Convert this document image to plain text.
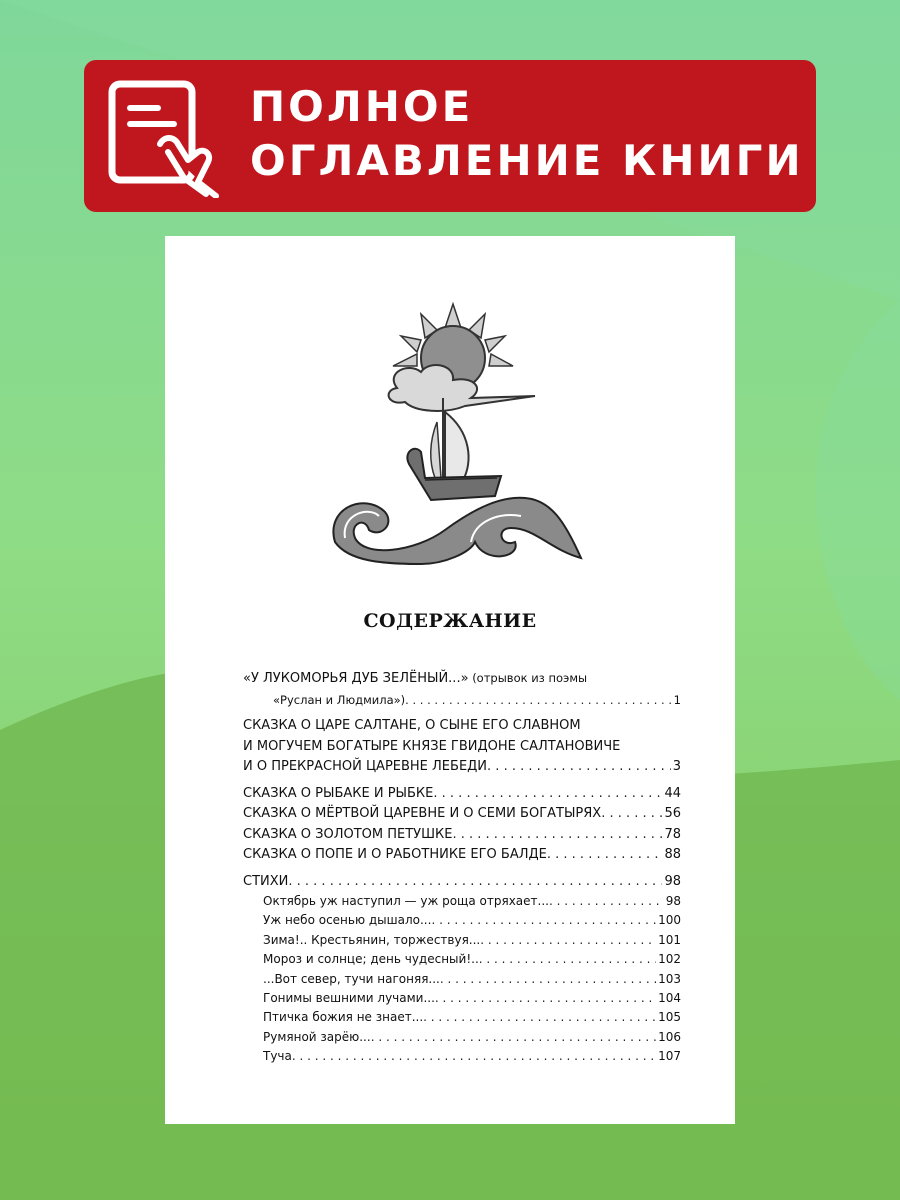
ПОЛНОЕ
ОГЛАВЛЕНИЕ КНИГИ
СОДЕРЖАНИЕ
«У ЛУКОМОРЬЯ ДУБ ЗЕЛЁНЫЙ...» (отрывок из поэмы
«Руслан и Людмила») . . .	1
СКАЗКА О ЦАРЕ САЛТАНЕ, О СЫНЕ ЕГО СЛАВНОМ
И МОГУЧЕМ БОГАТЫРЕ КНЯЗЕ ГВИДОНЕ САЛТАНОВИЧЕ
И О ПРЕКРАСНОЙ ЦАРЕВНЕ ЛЕБЕДИ . . .	3
СКАЗКА О РЫБАКЕ И РЫБКЕ . . .	44
СКАЗКА О МЁРТВОЙ ЦАРЕВНЕ И О СЕМИ БОГАТЫРЯХ . . .	56
СКАЗКА О ЗОЛОТОМ ПЕТУШКЕ . . .	78
СКАЗКА О ПОПЕ И О РАБОТНИКЕ ЕГО БАЛДЕ . . .	88
СТИХИ . . .	98
Октябрь уж наступил — уж роща отряхает... . . .	98
Уж небо осенью дышало... . . .	100
Зима!.. Крестьянин, торжествуя... . . .	101
Мороз и солнце; день чудесный!.. . . .	102
...Вот север, тучи нагоняя... . . .	103
Гонимы вешними лучами... . . .	104
Птичка божия не знает... . . .	105
Румяной зарёю... . . .	106
Туча . . .	107
